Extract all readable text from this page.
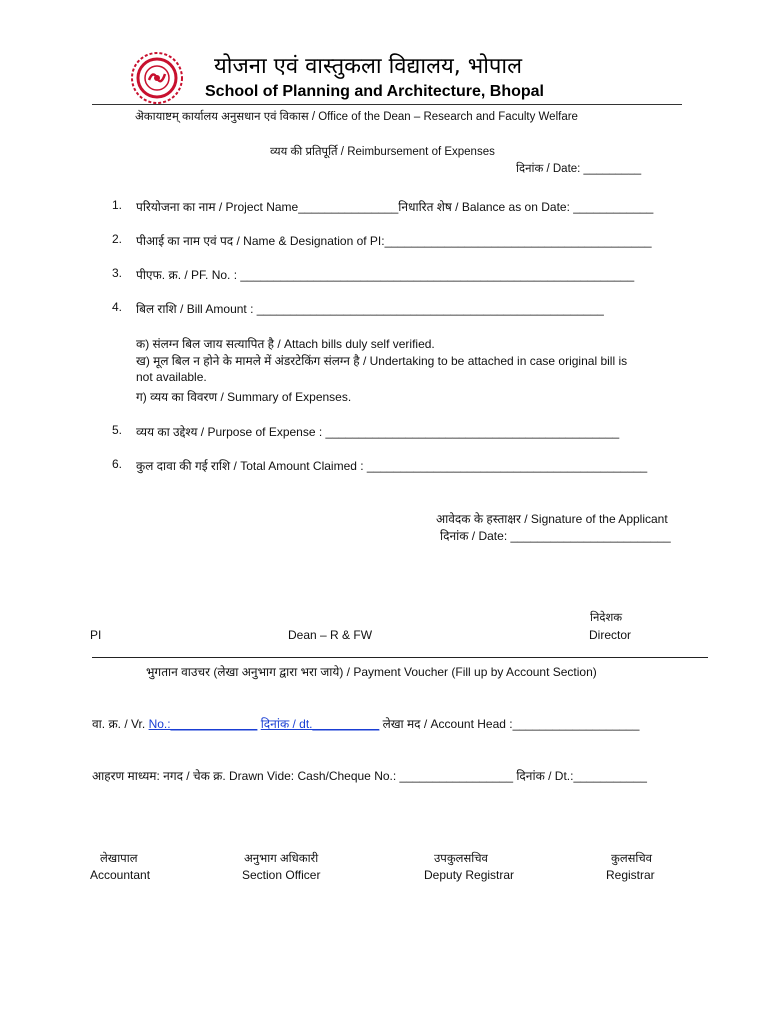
योजना एवं वास्तुकला विद्यालय, भोपाल
School of Planning and Architecture, Bhopal
ऄकायाष्टम् कार्यालय अनुसधान एवं विकास / Office of the Dean – Research and Faculty Welfare
व्यय की प्रतिपूर्ति / Reimbursement of Expenses
दिनांक / Date: _________
1. परियोजना का नाम / Project Name_______________निधारित शेष / Balance as on Date: ____________
2. पीआई का नाम एवं पद / Name & Designation of PI:________________________________________
3. पीएफ. क्र. / PF. No. : ___________________________________________________________
4. बिल राशि / Bill Amount : ____________________________________________________
क) संलग्न बिल जाय सत्यापित है / Attach bills duly self verified.
ख) मूल बिल न होने के मामले में अंडरटेकिंग संलग्न है / Undertaking to be attached in case original bill is
not available.
ग) व्यय का विवरण / Summary of Expenses.
5. व्यय का उद्देश्य / Purpose of Expense : ____________________________________________
6. कुल दावा की गई राशि / Total Amount Claimed : __________________________________________
आवेदक के हस्ताक्षर / Signature of the Applicant
दिनांक / Date: ________________________
निदेशक
PI	Dean – R & FW	Director
भुगतान वाउचर (लेखा अनुभाग द्वारा भरा जाये) / Payment Voucher (Fill up by Account Section)
वा. क्र. / Vr. No.:_____________ दिनांक / dt.__________ लेखा मद / Account Head :___________________
आहरण माध्यम: नगद / चेक क्र. Drawn Vide: Cash/Cheque No.: _________________ दिनांक / Dt.:___________
लेखापाल
Accountant
अनुभाग अधिकारी
Section Officer
उपकुलसचिव
Deputy Registrar
कुलसचिव
Registrar
